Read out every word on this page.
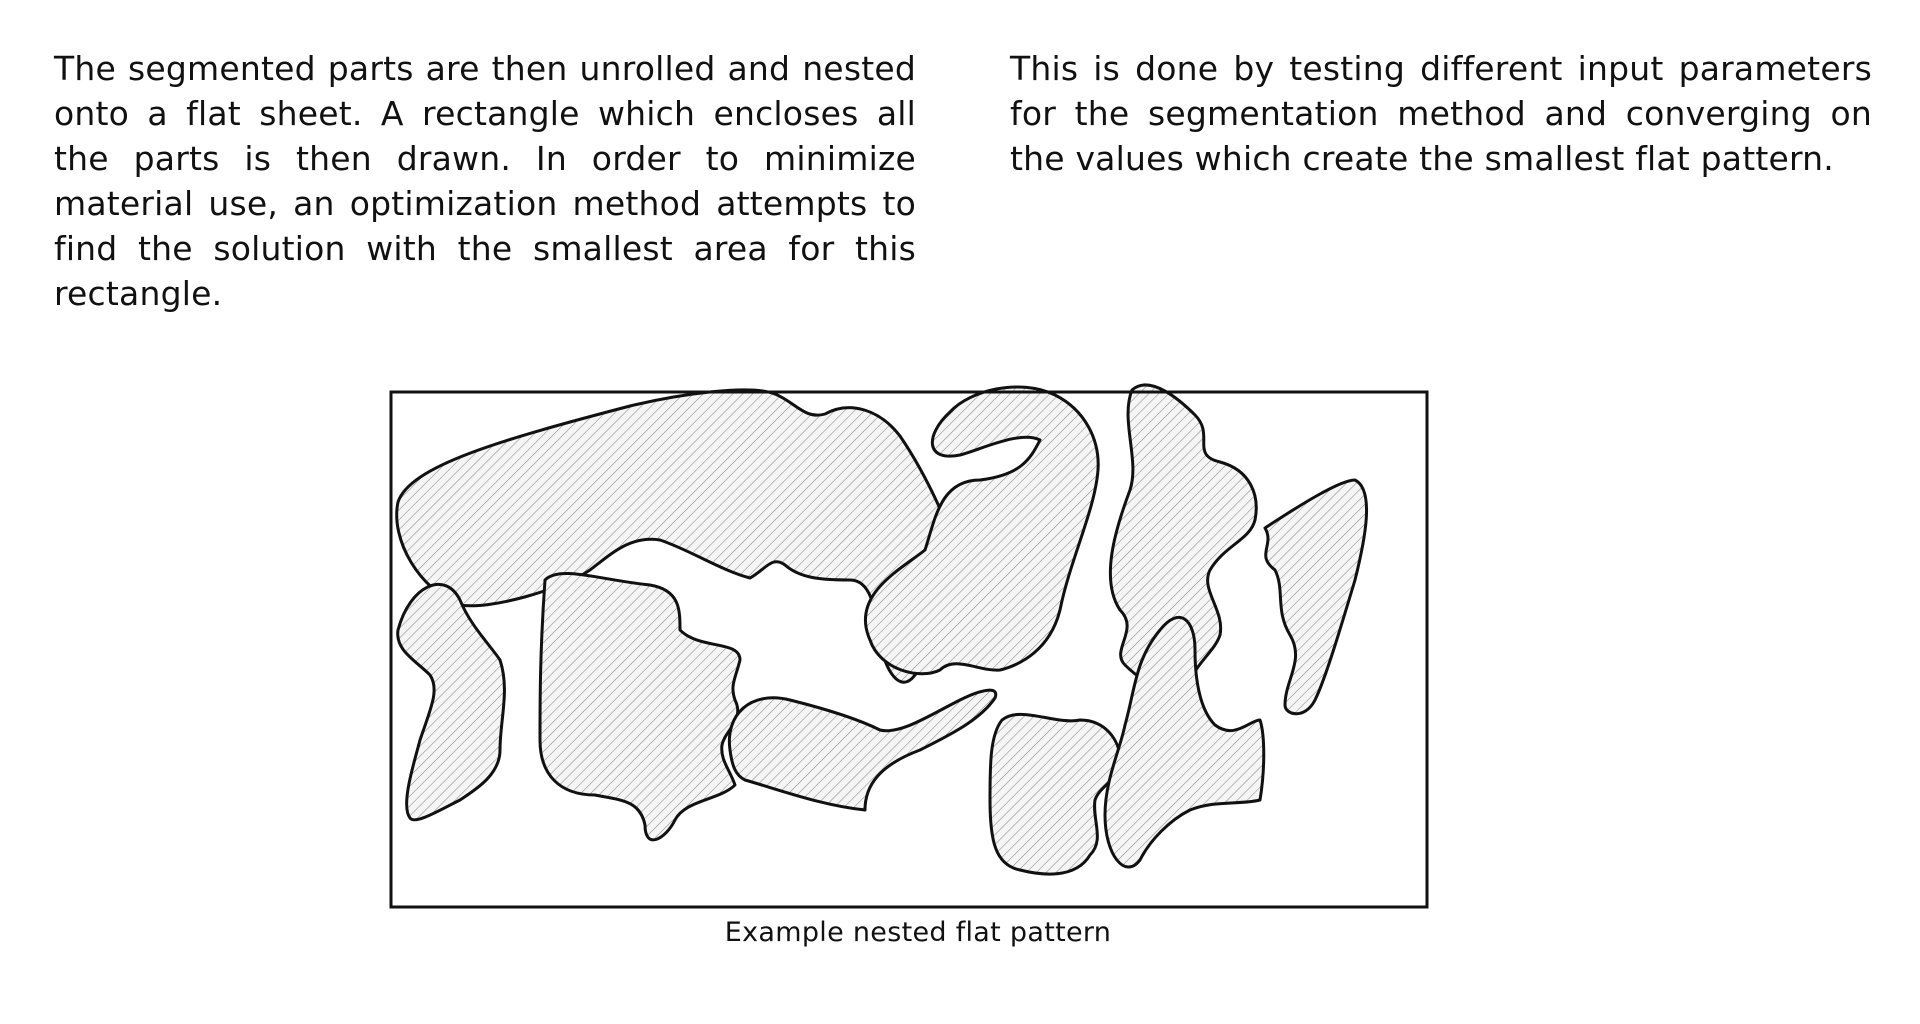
The segmented parts are then unrolled and nested onto a flat sheet. A rectangle which encloses all the parts is then drawn. In order to minimize material use, an optimization method attempts to find the solution with the smallest area for this rectangle.

This is done by testing different input parameters for the segmentation method and converging on the values which create the smallest flat pattern.

Example nested flat pattern
